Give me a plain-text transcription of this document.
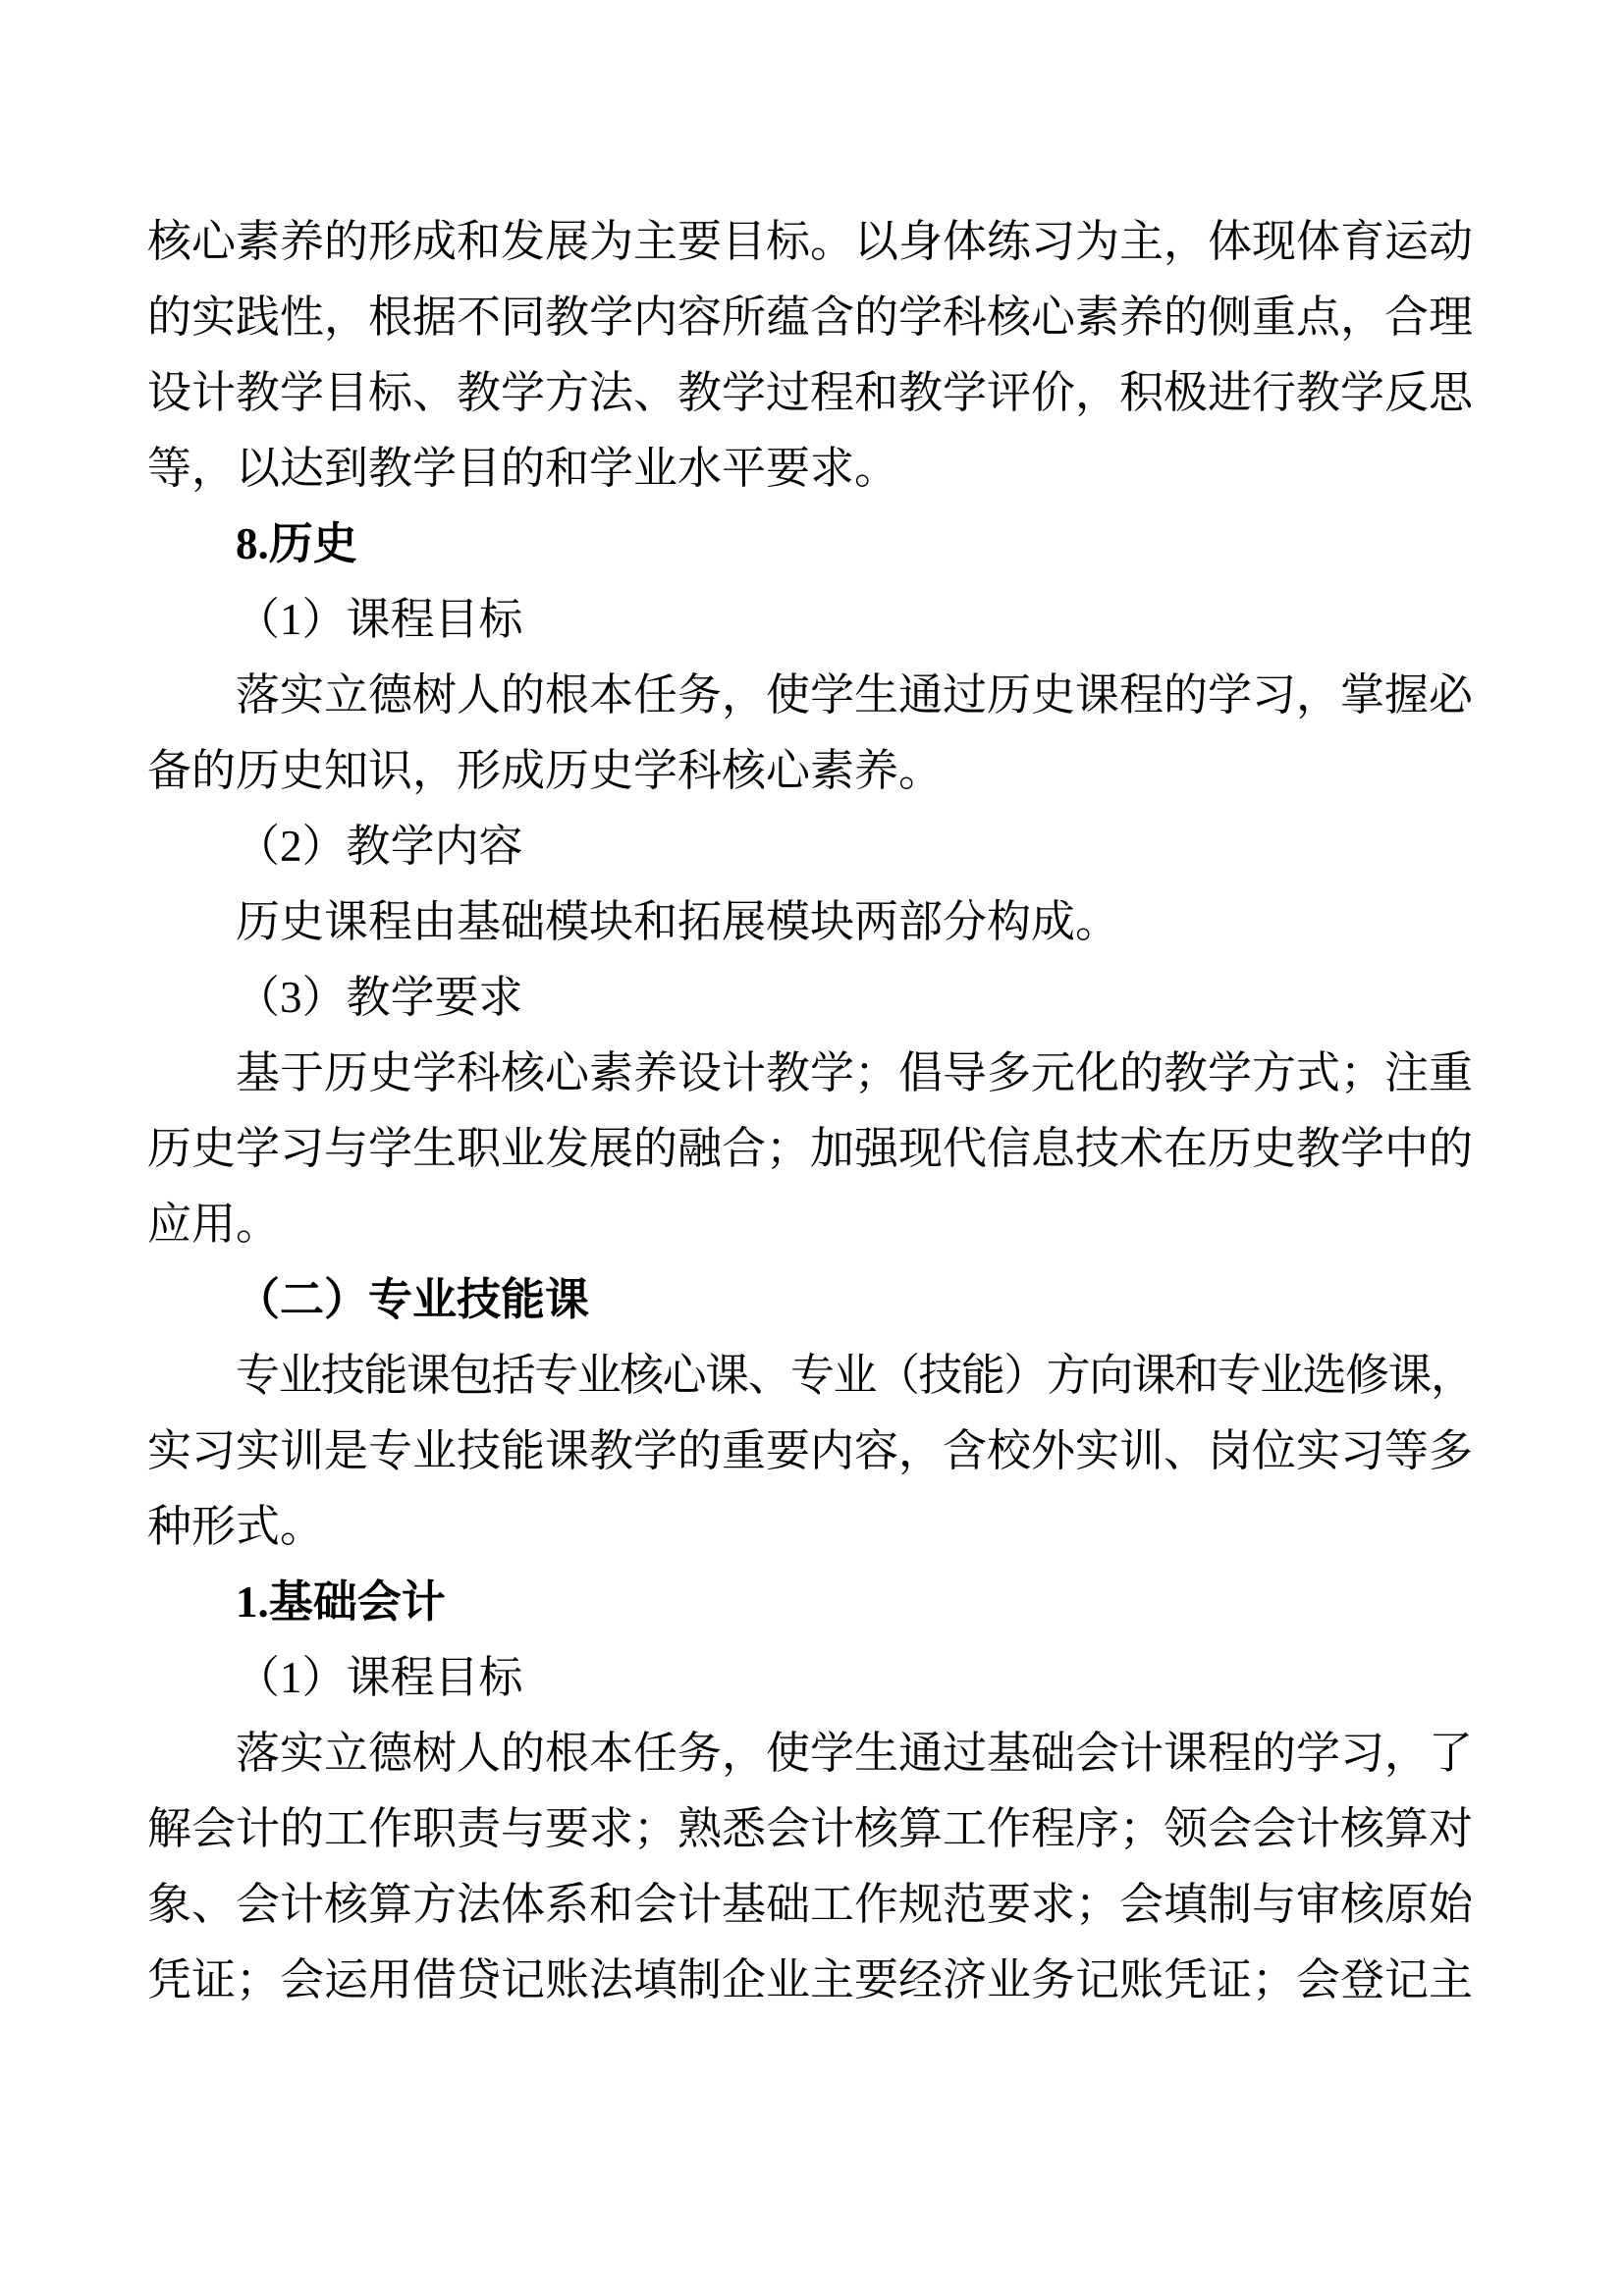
核心素养的形成和发展为主要目标。以身体练习为主，体现体育运动
的实践性，根据不同教学内容所蕴含的学科核心素养的侧重点，合理
设计教学目标、教学方法、教学过程和教学评价，积极进行教学反思
等，以达到教学目的和学业水平要求。
8.历史
（1）课程目标
落实立德树人的根本任务，使学生通过历史课程的学习，掌握必
备的历史知识，形成历史学科核心素养。
（2）教学内容
历史课程由基础模块和拓展模块两部分构成。
（3）教学要求
基于历史学科核心素养设计教学；倡导多元化的教学方式；注重
历史学习与学生职业发展的融合；加强现代信息技术在历史教学中的
应用。
（二）专业技能课
专业技能课包括专业核心课、专业（技能）方向课和专业选修课，
实习实训是专业技能课教学的重要内容，含校外实训、岗位实习等多
种形式。
1.基础会计
（1）课程目标
落实立德树人的根本任务，使学生通过基础会计课程的学习，了
解会计的工作职责与要求；熟悉会计核算工作程序；领会会计核算对
象、会计核算方法体系和会计基础工作规范要求；会填制与审核原始
凭证；会运用借贷记账法填制企业主要经济业务记账凭证；会登记主
